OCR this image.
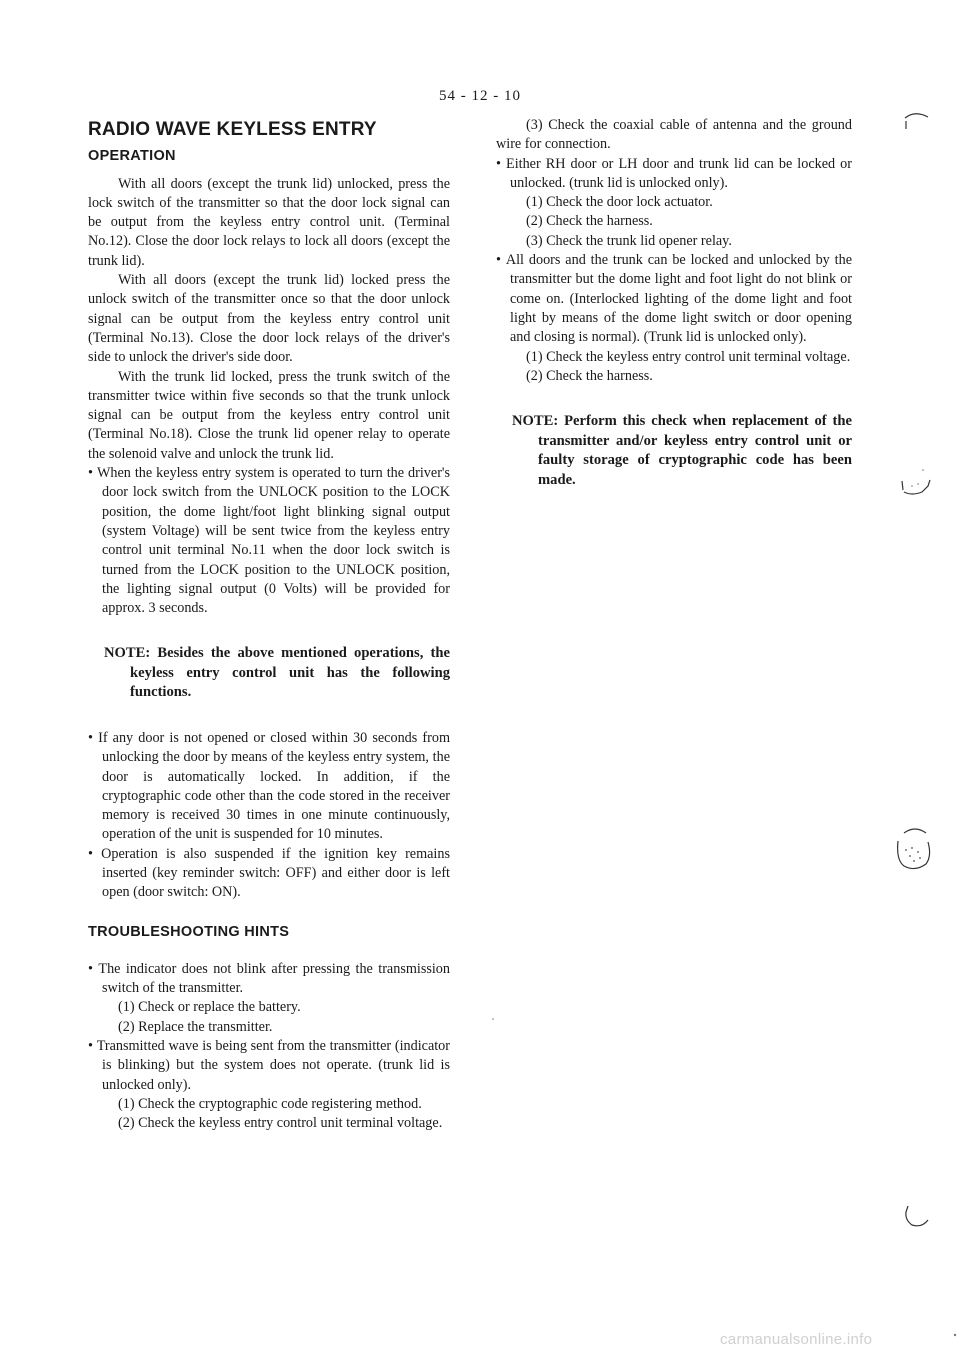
54 - 12 - 10
RADIO WAVE KEYLESS ENTRY
OPERATION

With all doors (except the trunk lid) unlocked, press the lock switch of the transmitter so that the door lock signal can be output from the keyless entry control unit. (Terminal No.12). Close the door lock relays to lock all doors (except the trunk lid).

With all doors (except the trunk lid) locked press the unlock switch of the transmitter once so that the door unlock signal can be output from the keyless entry control unit (Terminal No.13). Close the door lock relays of the driver's side to unlock the driver's side door.

With the trunk lid locked, press the trunk switch of the transmitter twice within five seconds so that the trunk unlock signal can be output from the keyless entry control unit (Terminal No.18). Close the trunk lid opener relay to operate the solenoid valve and unlock the trunk lid.

• When the keyless entry system is operated to turn the driver's door lock switch from the UNLOCK position to the LOCK position, the dome light/foot light blinking signal output (system Voltage) will be sent twice from the keyless entry control unit terminal No.11 when the door lock switch is turned from the LOCK position to the UNLOCK position, the lighting signal output (0 Volts) will be provided for approx. 3 seconds.

NOTE: Besides the above mentioned operations, the keyless entry control unit has the following functions.

• If any door is not opened or closed within 30 seconds from unlocking the door by means of the keyless entry system, the door is automatically locked. In addition, if the cryptographic code other than the code stored in the receiver memory is received 30 times in one minute continuously, operation of the unit is suspended for 10 minutes.

• Operation is also suspended if the ignition key remains inserted (key reminder switch: OFF) and either door is left open (door switch: ON).

TROUBLESHOOTING HINTS

• The indicator does not blink after pressing the transmission switch of the transmitter.

(1) Check or replace the battery.

(2) Replace the transmitter.

• Transmitted wave is being sent from the transmitter (indicator is blinking) but the system does not operate. (trunk lid is unlocked only).

(1) Check the cryptographic code registering method.

(2) Check the keyless entry control unit terminal voltage.

(3) Check the coaxial cable of antenna and the ground wire for connection.

• Either RH door or LH door and trunk lid can be locked or unlocked. (trunk lid is unlocked only).

(1) Check the door lock actuator.

(2) Check the harness.

(3) Check the trunk lid opener relay.

• All doors and the trunk can be locked and unlocked by the transmitter but the dome light and foot light do not blink or come on. (Interlocked lighting of the dome light and foot light by means of the dome light switch or door opening and closing is normal). (Trunk lid is unlocked only).

(1) Check the keyless entry control unit terminal voltage.

(2) Check the harness.

NOTE: Perform this check when replacement of the transmitter and/or keyless entry control unit or faulty storage of cryptographic code has been made.

carmanualsonline.info
